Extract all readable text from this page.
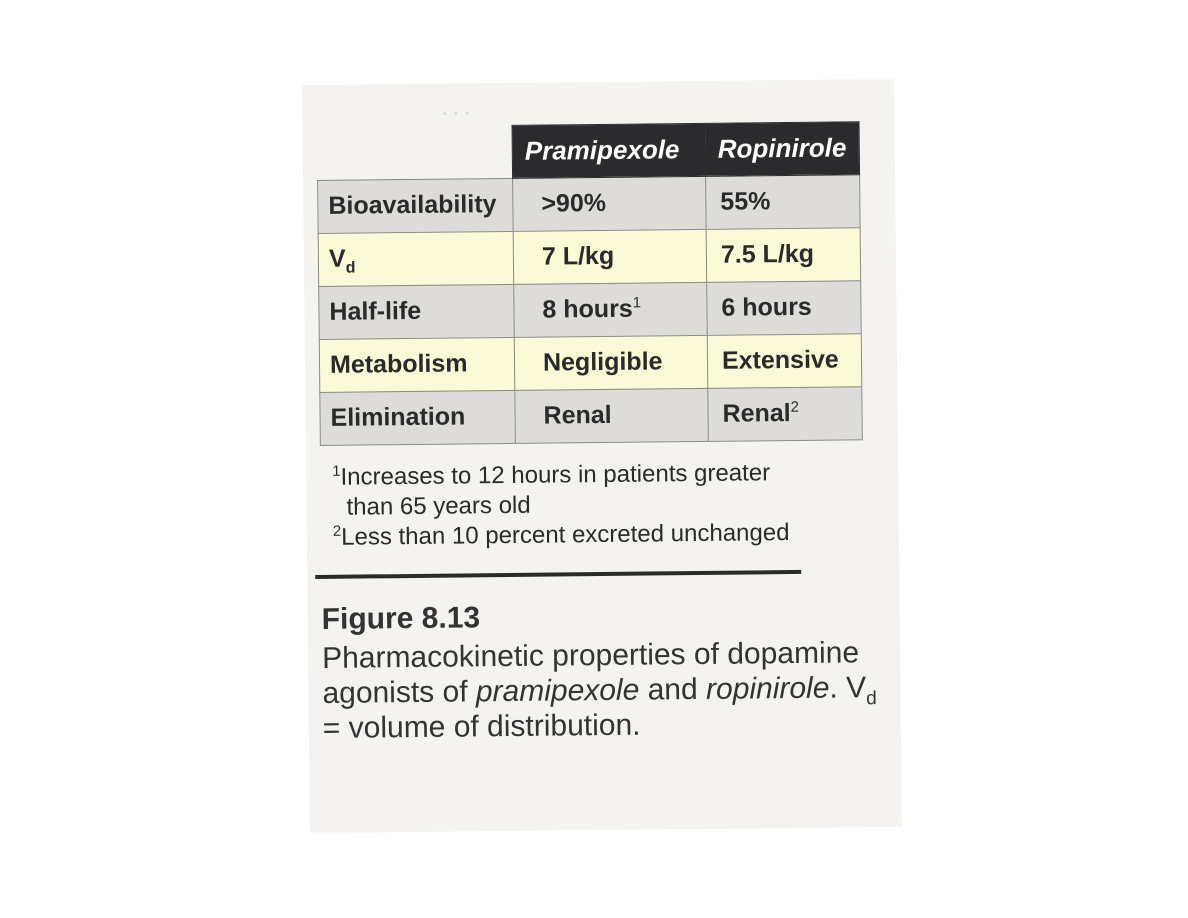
· · ·
	Pramipexole	Ropinirole
Bioavailability	>90%	55%
$V_d$	7 L/kg	7.5 L/kg
Half-life	8 hours$^1$	6 hours
Metabolism	Negligible	Extensive
Elimination	Renal	Renal$^2$
$^1$Increases to 12 hours in patients greater
than 65 years old
$^2$Less than 10 percent excreted unchanged
Figure 8.13
Pharmacokinetic properties of dopamine agonists of pramipexole and ropinirole. $V_d$ = volume of distribution.
